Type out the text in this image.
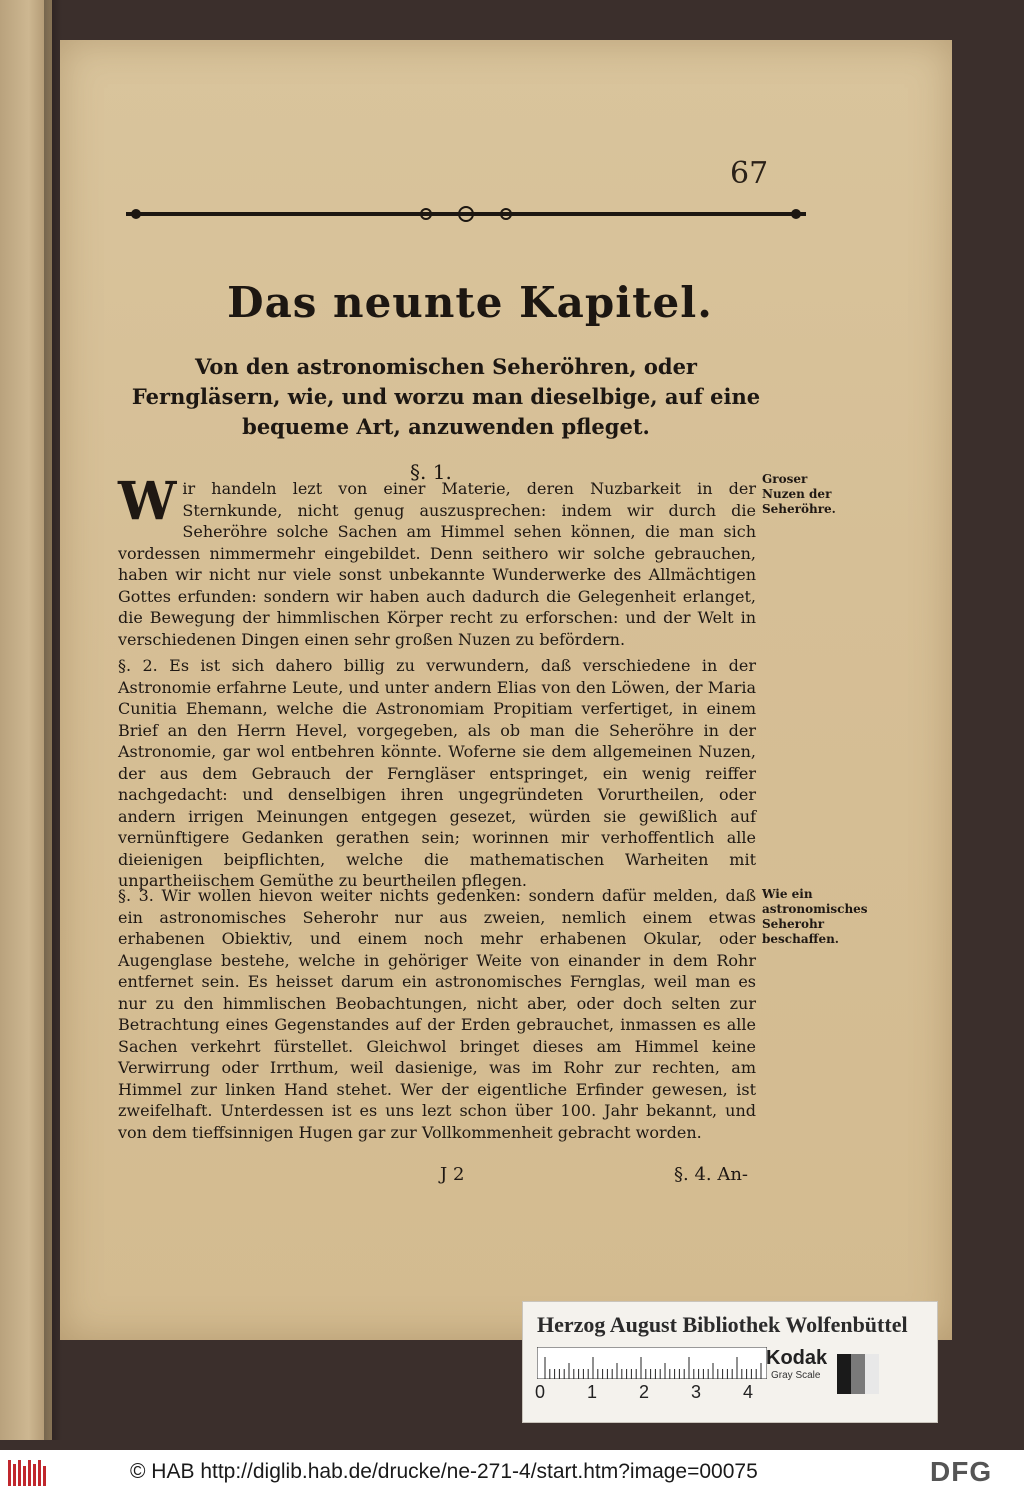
67
Das neunte Kapitel.
Von den astronomischen Seheröhren, oder Ferngläsern, wie, und worzu man dieselbige, auf eine bequeme Art, anzuwenden pfleget.
§. 1.
W ir handeln lezt von einer Materie, deren Nuzbarkeit in der Sternkunde, nicht genug auszusprechen: indem wir durch die Seheröhre solche Sachen am Himmel sehen können, die man sich vordessen nimmermehr eingebildet. Denn seithero wir solche gebrauchen, haben wir nicht nur viele sonst unbekannte Wunderwerke des Allmächtigen Gottes erfunden: sondern wir haben auch dadurch die Gelegenheit erlanget, die Bewegung der himmlischen Körper recht zu erforschen: und der Welt in verschiedenen Dingen einen sehr großen Nuzen zu befördern.

§. 2. Es ist sich dahero billig zu verwundern, daß verschiedene in der Astronomie erfahrne Leute, und unter andern Elias von den Löwen, der Maria Cunitia Ehemann, welche die Astronomiam Propitiam verfertiget, in einem Brief an den Herrn Hevel, vorgegeben, als ob man die Seheröhre in der Astronomie, gar wol entbehren könnte. Woferne sie dem allgemeinen Nuzen, der aus dem Gebrauch der Ferngläser entspringet, ein wenig reiffer nachgedacht: und denselbigen ihren ungegründeten Vorurtheilen, oder andern irrigen Meinungen entgegen gesezet, würden sie gewißlich auf vernünftigere Gedanken gerathen sein; worinnen mir verhoffentlich alle dieienigen beipflichten, welche die mathematischen Warheiten mit unpartheiischem Gemüthe zu beurtheilen pflegen.

§. 3. Wir wollen hievon weiter nichts gedenken: sondern dafür melden, daß ein astronomisches Seherohr nur aus zweien, nemlich einem etwas erhabenen Obiektiv, und einem noch mehr erhabenen Okular, oder Augenglase bestehe, welche in gehöriger Weite von einander in dem Rohr entfernet sein. Es heisset darum ein astronomisches Fernglas, weil man es nur zu den himmlischen Beobachtungen, nicht aber, oder doch selten zur Betrachtung eines Gegenstandes auf der Erden gebrauchet, inmassen es alle Sachen verkehrt fürstellet. Gleichwol bringet dieses am Himmel keine Verwirrung oder Irrthum, weil dasienige, was im Rohr zur rechten, am Himmel zur linken Hand stehet. Wer der eigentliche Erfinder gewesen, ist zweifelhaft. Unterdessen ist es uns lezt schon über 100. Jahr bekannt, und von dem tieffsinnigen Hugen gar zur Vollkommenheit gebracht worden.

Groser Nuzen der Seheröhre.
Wie ein astronomisches Seherohr beschaffen.
J 2	§. 4. An-
Herzog August Bibliothek Wolfenbüttel
0 1 2 3 4
Kodak
Gray Scale
© HAB http://diglib.hab.de/drucke/ne-271-4/start.htm?image=00075	DFG
